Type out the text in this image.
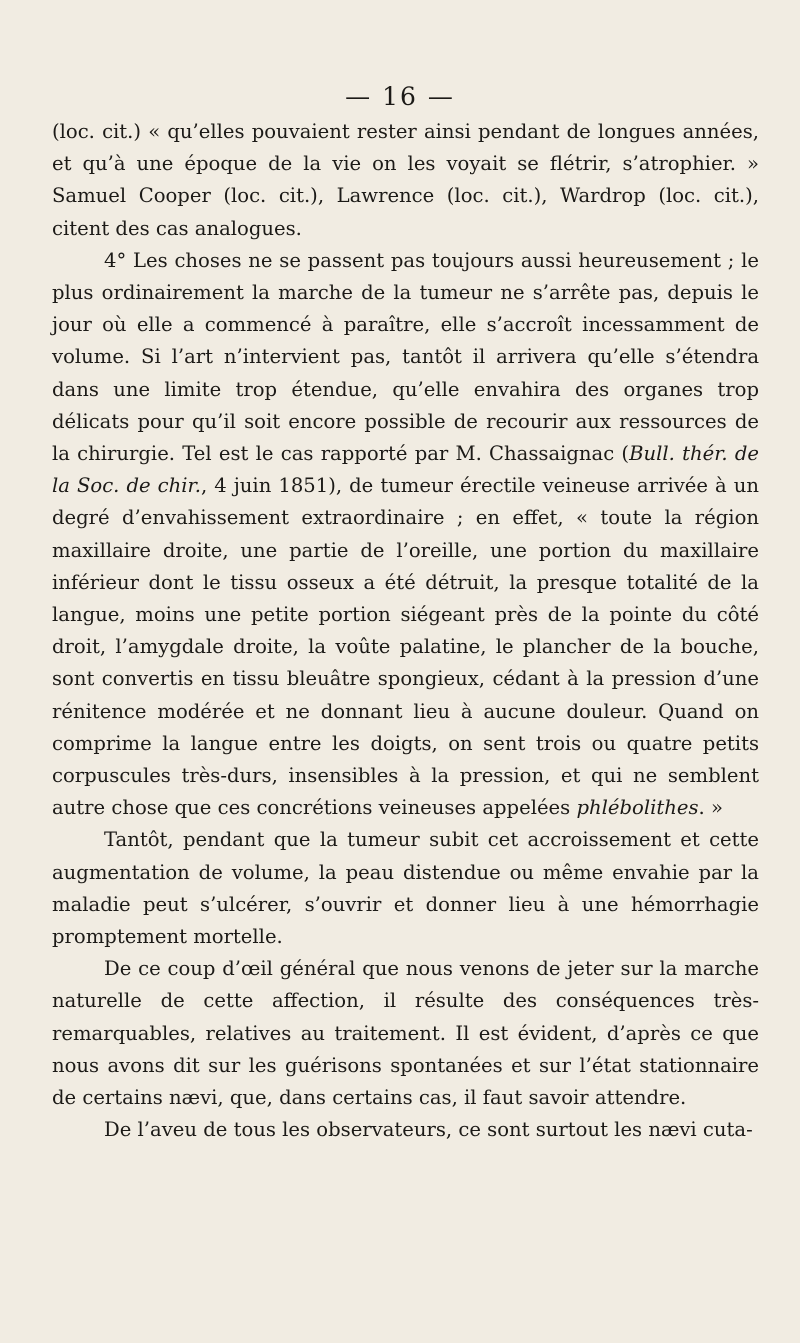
— 16 —

(loc. cit.) « qu’elles pouvaient rester ainsi pendant de longues années, et qu’à une époque de la vie on les voyait se flétrir, s’atrophier. » Samuel Cooper (loc. cit.), Lawrence (loc. cit.), Wardrop (loc. cit.), citent des cas analogues.

4° Les choses ne se passent pas toujours aussi heureusement ; le plus ordinairement la marche de la tumeur ne s’arrête pas, depuis le jour où elle a commencé à paraître, elle s’accroît incessamment de volume. Si l’art n’intervient pas, tantôt il arrivera qu’elle s’étendra dans une limite trop étendue, qu’elle envahira des organes trop délicats pour qu’il soit encore possible de recourir aux ressources de la chirurgie. Tel est le cas rapporté par M. Chassaignac (Bull. thér. de la Soc. de chir., 4 juin 1851), de tumeur érectile veineuse arrivée à un degré d’envahissement extraordinaire ; en effet, « toute la région maxillaire droite, une partie de l’oreille, une portion du maxillaire inférieur dont le tissu osseux a été détruit, la presque totalité de la langue, moins une petite portion siégeant près de la pointe du côté droit, l’amygdale droite, la voûte palatine, le plancher de la bouche, sont convertis en tissu bleuâtre spongieux, cédant à la pression d’une rénitence modérée et ne donnant lieu à aucune douleur. Quand on comprime la langue entre les doigts, on sent trois ou quatre petits corpuscules très-durs, insensibles à la pression, et qui ne semblent autre chose que ces concrétions veineuses appelées phlébolithes. »

Tantôt, pendant que la tumeur subit cet accroissement et cette augmentation de volume, la peau distendue ou même envahie par la maladie peut s’ulcérer, s’ouvrir et donner lieu à une hémorrhagie promptement mortelle.

De ce coup d’œil général que nous venons de jeter sur la marche naturelle de cette affection, il résulte des conséquences très-remarquables, relatives au traitement. Il est évident, d’après ce que nous avons dit sur les guérisons spontanées et sur l’état stationnaire de certains nævi, que, dans certains cas, il faut savoir attendre.

De l’aveu de tous les observateurs, ce sont surtout les nævi cuta-
